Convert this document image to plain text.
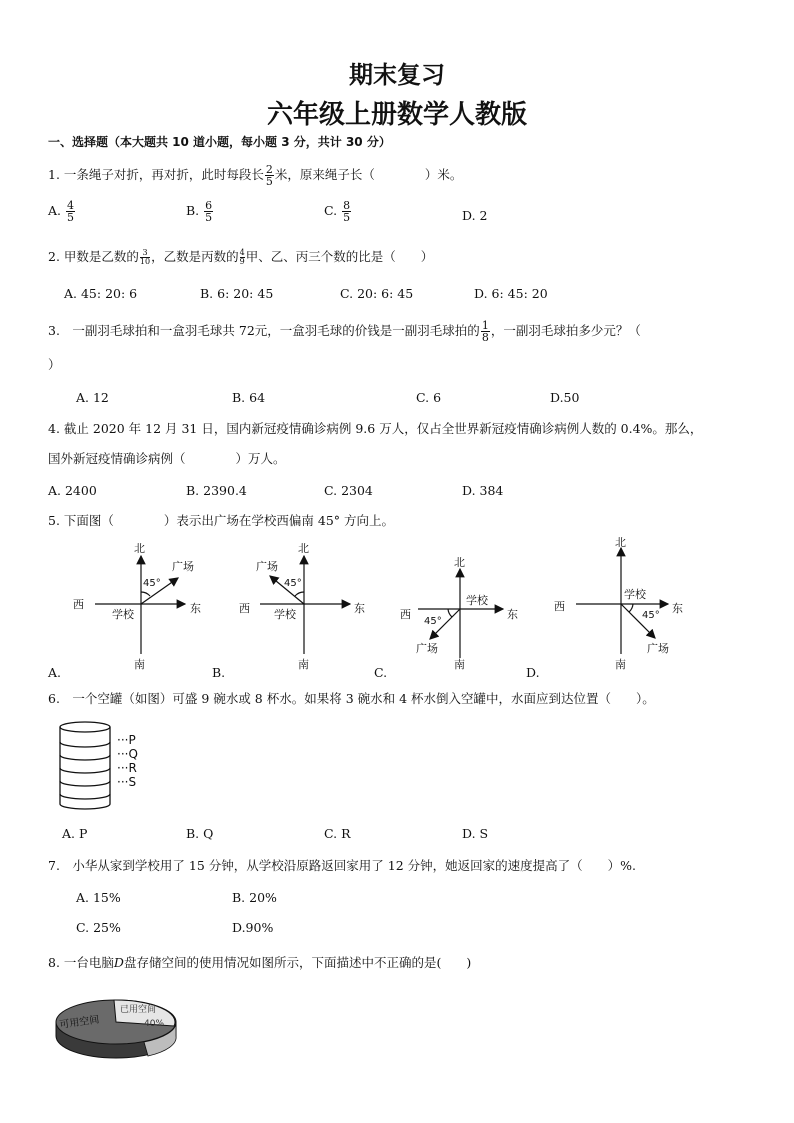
期末复习
六年级上册数学人教版
一、选择题（本大题共 10 道小题，每小题 3 分，共计 30 分）
1. 一条绳子对折，再对折，此时每段长 $\frac{2}{5}$ 米，原来绳子长（　　　　）米。
A. $\frac{4}{5}$	B. $\frac{6}{5}$	C. $\frac{8}{5}$	D. 2
2. 甲数是乙数的 $\frac{3}{10}$ ，乙数是丙数的 $\frac{4}{9}$ 甲、乙、丙三个数的比是（　　）
A. 45: 20: 6	B. 6: 20: 45	C. 20: 6: 45	D. 6: 45: 20
3.　一副羽毛球拍和一盒羽毛球共 72元，一盒羽毛球的价钱是一副羽毛球拍的 $\frac{1}{8}$ ，一副羽毛球拍多少元？（
）
A. 12	B. 64	C. 6	D.50
4. 截止 2020 年 12 月 31 日，国内新冠疫情确诊病例 9.6 万人，仅占全世界新冠疫情确诊病例人数的 0.4%。那么，
国外新冠疫情确诊病例（　　　　）万人。
A. 2400	B. 2390.4	C. 2304	D. 384
5. 下面图（　　　　）表示出广场在学校西偏南 45° 方向上。
北
广场
45°
西	东
学校
南
北
广场
45°
西	东
学校
南
北
学校
西	东
45°
广场
南
北
学校
西	东
45°
广场
南
A.	B.	C.	D.
6.　一个空罐（如图）可盛 9 碗水或 8 杯水。如果将 3 碗水和 4 杯水倒入空罐中，水面应到达位置（　　）。
···P
···Q
···R
···S
A. P	B. Q	C. R	D. S
7.　小华从家到学校用了 15 分钟，从学校沿原路返回家用了 12 分钟，她返回家的速度提高了（　　）%.
A. 15%	B. 20%
C. 25%	D.90%
8. 一台电脑D盘存储空间的使用情况如图所示，下面描述中不正确的是(　　)
可用空间
已用空间
40%
